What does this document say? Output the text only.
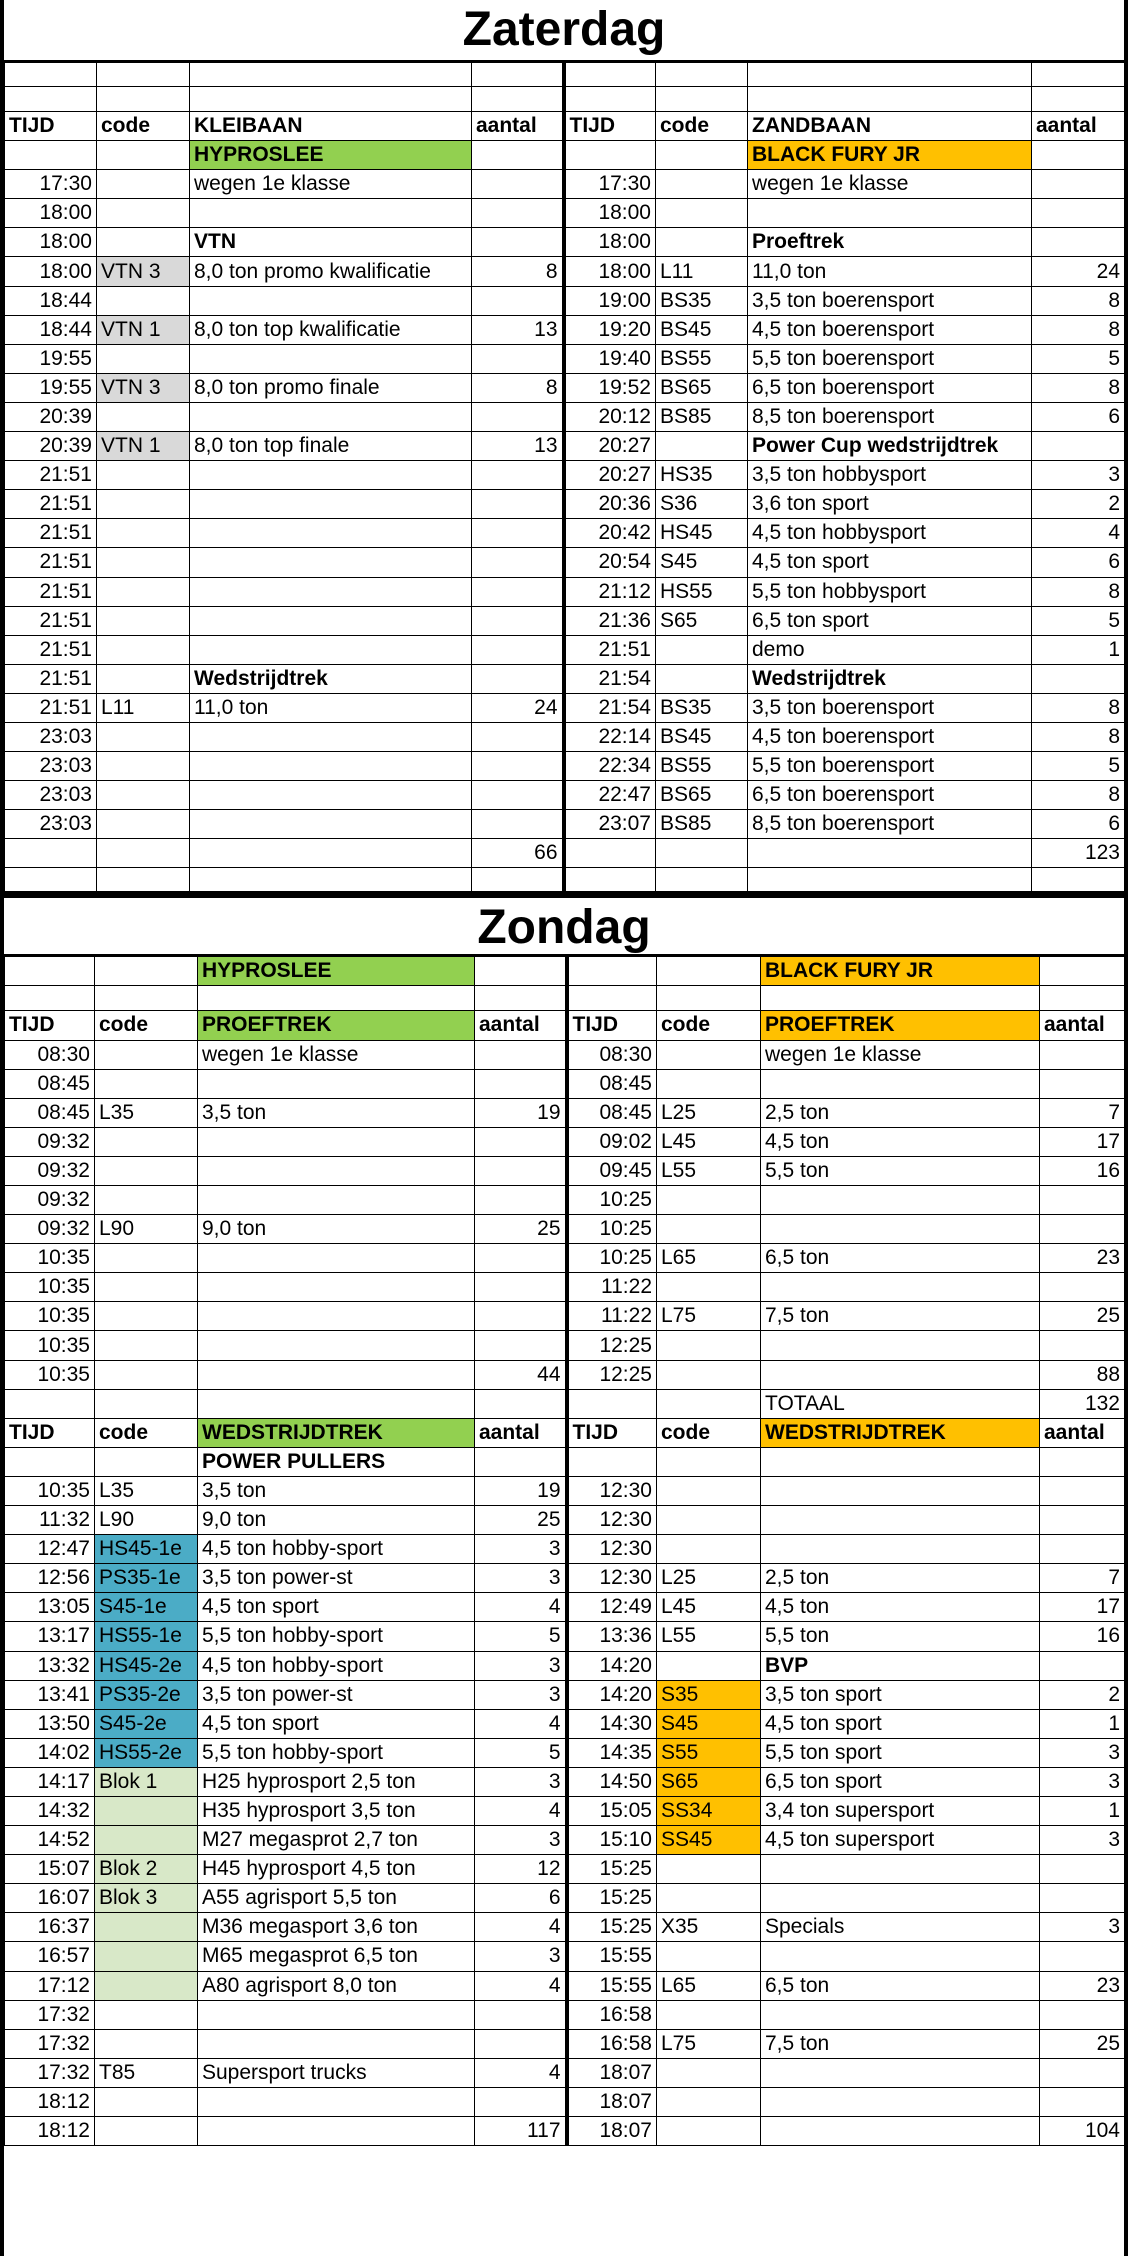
Zaterdag

TIJD	code	KLEIBAAN	aantal	TIJD	code	ZANDBAAN	aantal
		HYPROSLEE				BLACK FURY JR	
17:30		wegen 1e klasse		17:30		wegen 1e klasse	
18:00				18:00			
18:00		VTN		18:00		Proeftrek	
18:00	VTN 3	8,0 ton promo kwalificatie	8	18:00	L11	11,0 ton	24
18:44				19:00	BS35	3,5 ton boerensport	8
18:44	VTN 1	8,0 ton top kwalificatie	13	19:20	BS45	4,5 ton boerensport	8
19:55				19:40	BS55	5,5 ton boerensport	5
19:55	VTN 3	8,0 ton promo finale	8	19:52	BS65	6,5 ton boerensport	8
20:39				20:12	BS85	8,5 ton boerensport	6
20:39	VTN 1	8,0 ton top finale	13	20:27		Power Cup wedstrijdtrek	
21:51				20:27	HS35	3,5 ton hobbysport	3
21:51				20:36	S36	3,6 ton sport	2
21:51				20:42	HS45	4,5 ton hobbysport	4
21:51				20:54	S45	4,5 ton sport	6
21:51				21:12	HS55	5,5 ton hobbysport	8
21:51				21:36	S65	6,5 ton sport	5
21:51				21:51		demo	1
21:51		Wedstrijdtrek		21:54		Wedstrijdtrek	
21:51	L11	11,0 ton	24	21:54	BS35	3,5 ton boerensport	8
23:03				22:14	BS45	4,5 ton boerensport	8
23:03				22:34	BS55	5,5 ton boerensport	5
23:03				22:47	BS65	6,5 ton boerensport	8
23:03				23:07	BS85	8,5 ton boerensport	6
			66				123

Zondag
		HYPROSLEE				BLACK FURY JR	

TIJD	code	PROEFTREK	aantal	TIJD	code	PROEFTREK	aantal
08:30		wegen 1e klasse		08:30		wegen 1e klasse	
08:45				08:45			
08:45	L35	3,5 ton	19	08:45	L25	2,5 ton	7
09:32				09:02	L45	4,5 ton	17
09:32				09:45	L55	5,5 ton	16
09:32				10:25			
09:32	L90	9,0 ton	25	10:25			
10:35				10:25	L65	6,5 ton	23
10:35				11:22			
10:35				11:22	L75	7,5 ton	25
10:35				12:25			
10:35			44	12:25			88
						TOTAAL	132
TIJD	code	WEDSTRIJDTREK	aantal	TIJD	code	WEDSTRIJDTREK	aantal
		POWER PULLERS					
10:35	L35	3,5 ton	19	12:30			
11:32	L90	9,0 ton	25	12:30			
12:47	HS45-1e	4,5 ton hobby-sport	3	12:30			
12:56	PS35-1e	3,5 ton power-st	3	12:30	L25	2,5 ton	7
13:05	S45-1e	4,5 ton sport	4	12:49	L45	4,5 ton	17
13:17	HS55-1e	5,5 ton hobby-sport	5	13:36	L55	5,5 ton	16
13:32	HS45-2e	4,5 ton hobby-sport	3	14:20		BVP	
13:41	PS35-2e	3,5 ton power-st	3	14:20	S35	3,5 ton sport	2
13:50	S45-2e	4,5 ton sport	4	14:30	S45	4,5 ton sport	1
14:02	HS55-2e	5,5 ton hobby-sport	5	14:35	S55	5,5 ton sport	3
14:17	Blok 1	H25 hyprosport 2,5 ton	3	14:50	S65	6,5 ton sport	3
14:32		H35 hyprosport 3,5 ton	4	15:05	SS34	3,4 ton supersport	1
14:52		M27 megasprot 2,7 ton	3	15:10	SS45	4,5 ton supersport	3
15:07	Blok 2	H45 hyprosport 4,5 ton	12	15:25			
16:07	Blok 3	A55 agrisport 5,5 ton	6	15:25			
16:37		M36 megasport 3,6 ton	4	15:25	X35	Specials	3
16:57		M65 megasprot 6,5 ton	3	15:55			
17:12		A80 agrisport 8,0 ton	4	15:55	L65	6,5 ton	23
17:32				16:58			
17:32				16:58	L75	7,5 ton	25
17:32	T85	Supersport trucks	4	18:07			
18:12				18:07			
18:12			117	18:07			104
